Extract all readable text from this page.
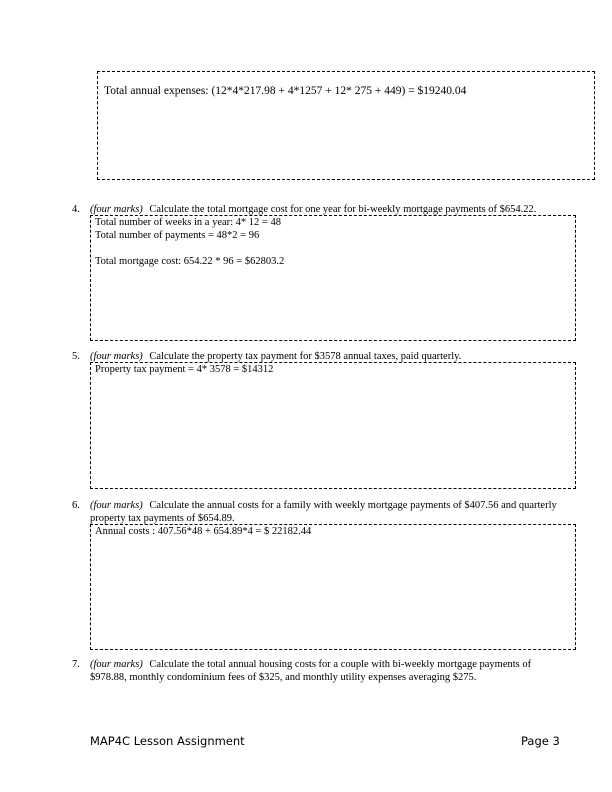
Total annual expenses: (12*4*217.98 + 4*1257 + 12* 275 + 449) = $19240.04
4. (four marks) Calculate the total mortgage cost for one year for bi-weekly mortgage payments of $654.22.
Total number of weeks in a year: 4* 12 = 48
Total number of payments = 48*2 = 96
Total mortgage cost: 654.22 * 96 = $62803.2
5. (four marks) Calculate the property tax payment for $3578 annual taxes, paid quarterly.
Property tax payment = 4* 3578 = $14312
6. (four marks) Calculate the annual costs for a family with weekly mortgage payments of $407.56 and quarterly property tax payments of $654.89.
Annual costs : 407.56*48 + 654.89*4 = $ 22182.44
7. (four marks) Calculate the total annual housing costs for a couple with bi-weekly mortgage payments of $978.88, monthly condominium fees of $325, and monthly utility expenses averaging $275.
MAP4C Lesson Assignment	Page 3
